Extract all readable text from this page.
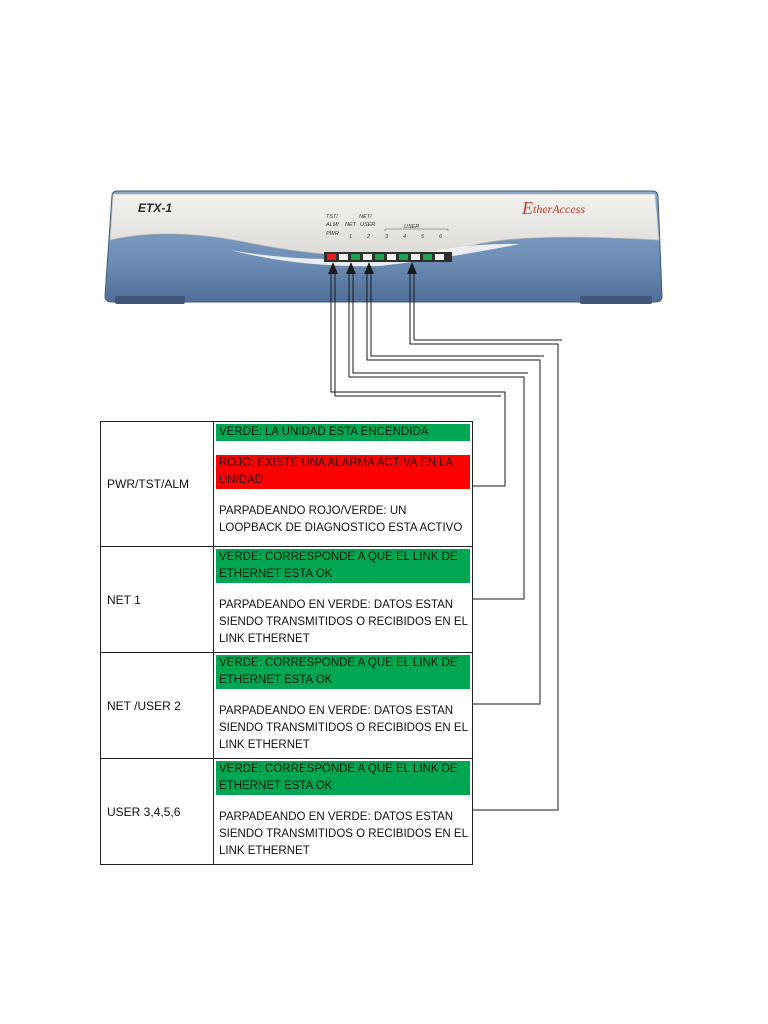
ETX-1	EtherAccess
TST/
ALM/
PWR
NET/
NET USER	USER
1	2	3	4	5	6
PWR/TST/ALM
VERDE: LA UNIDAD ESTA ENCENDIDA
ROJO: EXISTE UNA ALARMA ACTIVA EN LA UNIDAD
PARPADEANDO ROJO/VERDE: UN LOOPBACK DE DIAGNOSTICO ESTA ACTIVO
NET 1
VERDE: CORRESPONDE A QUE EL LINK DE ETHERNET ESTA OK
PARPADEANDO EN VERDE: DATOS ESTAN SIENDO TRANSMITIDOS O RECIBIDOS EN EL LINK ETHERNET
NET /USER 2
VERDE: CORRESPONDE A QUE EL LINK DE ETHERNET ESTA OK
PARPADEANDO EN VERDE: DATOS ESTAN SIENDO TRANSMITIDOS O RECIBIDOS EN EL LINK ETHERNET
USER 3,4,5,6
VERDE: CORRESPONDE A QUE EL LINK DE ETHERNET ESTA OK
PARPADEANDO EN VERDE: DATOS ESTAN SIENDO TRANSMITIDOS O RECIBIDOS EN EL LINK ETHERNET
